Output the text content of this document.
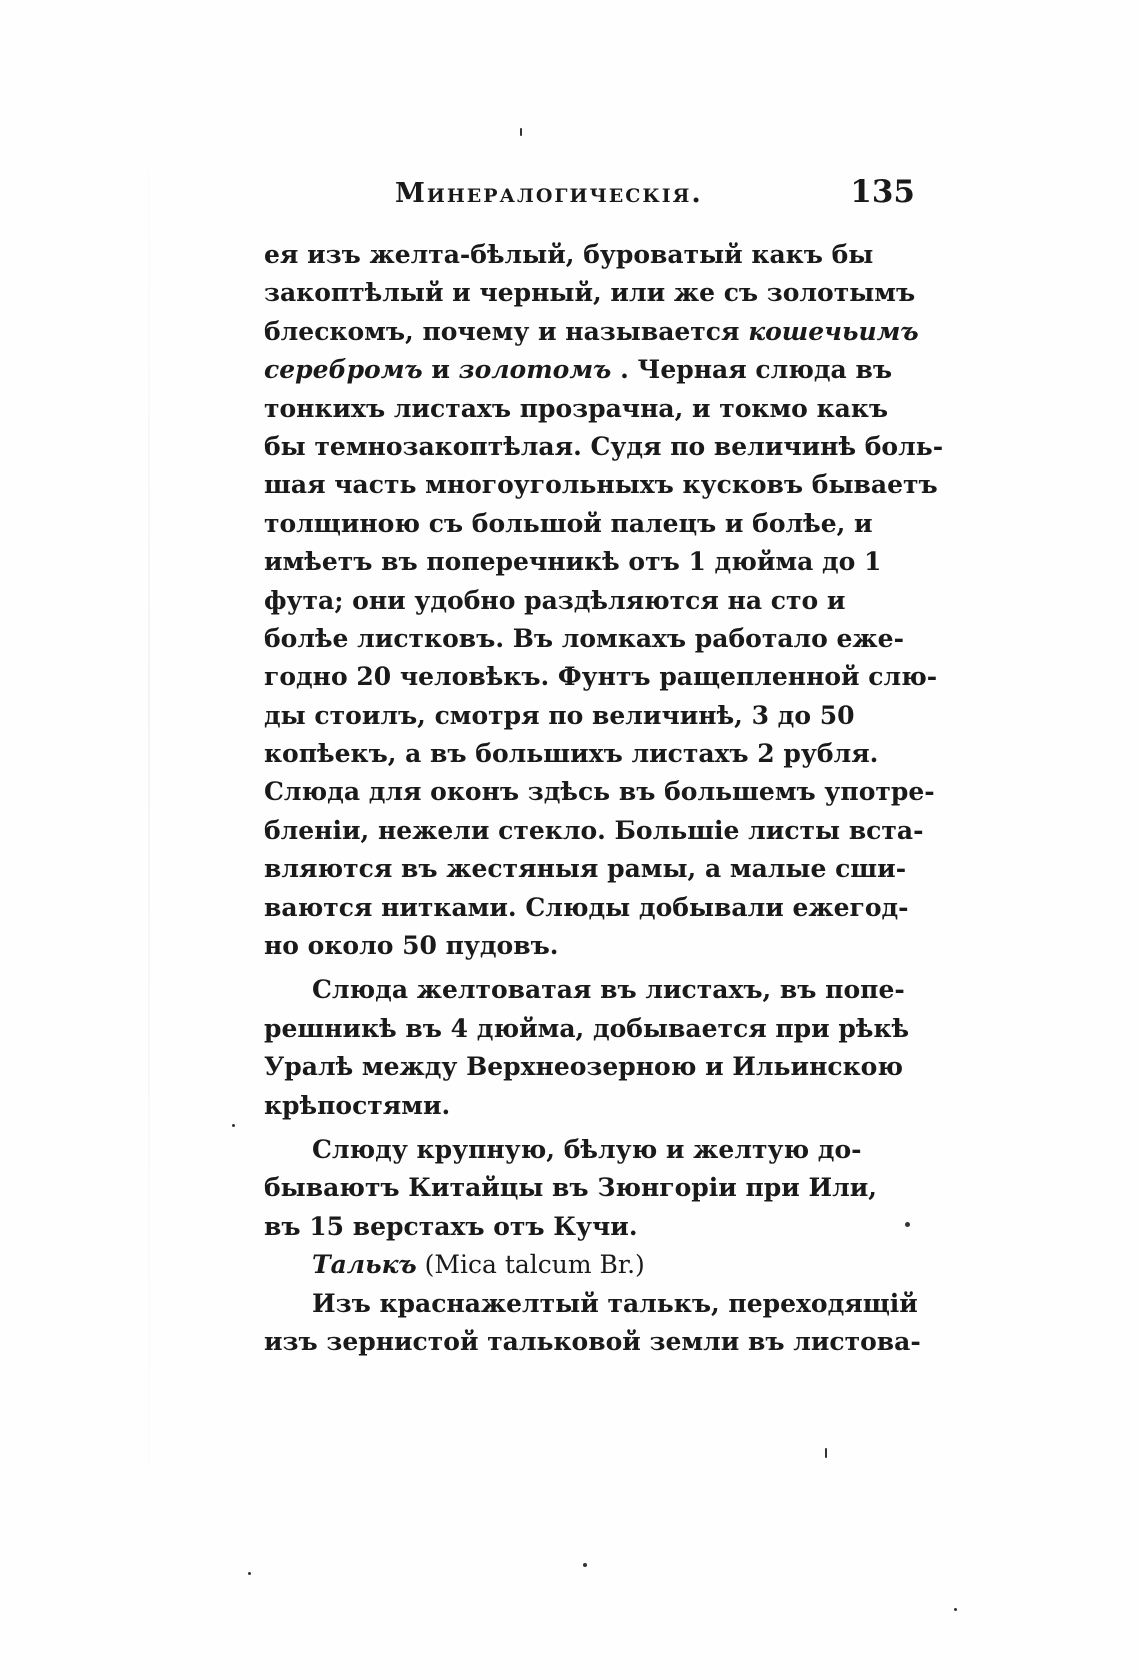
Минералогическія.	135
ея изъ желта-бѣлый, буроватый какъ бы
закоптѣлый и черный, или же съ золотымъ
блескомъ, почему и называется кошечьимъ
серебромъ и золотомъ . Черная слюда въ
тонкихъ листахъ прозрачна, и токмо какъ
бы темнозакоптѣлая. Судя по величинѣ боль-
шая часть многоугольныхъ кусковъ бываетъ
толщиною съ большой палецъ и болѣе, и
имѣетъ въ поперечникѣ отъ 1 дюйма до 1
фута; они удобно раздѣляются на сто и
болѣе листковъ. Въ ломкахъ работало еже-
годно 20 человѣкъ. Фунтъ ращепленной слю-
ды стоилъ, смотря по величинѣ, 3 до 50
копѣекъ, а въ большихъ листахъ 2 рубля.
Слюда для оконъ здѣсь въ большемъ употре-
бленіи, нежели стекло. Большіе листы вста-
вляются въ жестяныя рамы, а малые сши-
ваются нитками. Слюды добывали ежегод-
но около 50 пудовъ.
Слюда желтоватая въ листахъ, въ попе-
решникѣ въ 4 дюйма, добывается при рѣкѣ
Уралѣ между Верхнеозерною и Ильинскою
крѣпостями.
Слюду крупную, бѣлую и желтую до-
бываютъ Китайцы въ Зюнгоріи при Или,
въ 15 верстахъ отъ Кучи.
Талькъ (Mica talcum Br.)
Изъ краснажелтый талькъ, переходящій
изъ зернистой тальковой земли въ листова-
